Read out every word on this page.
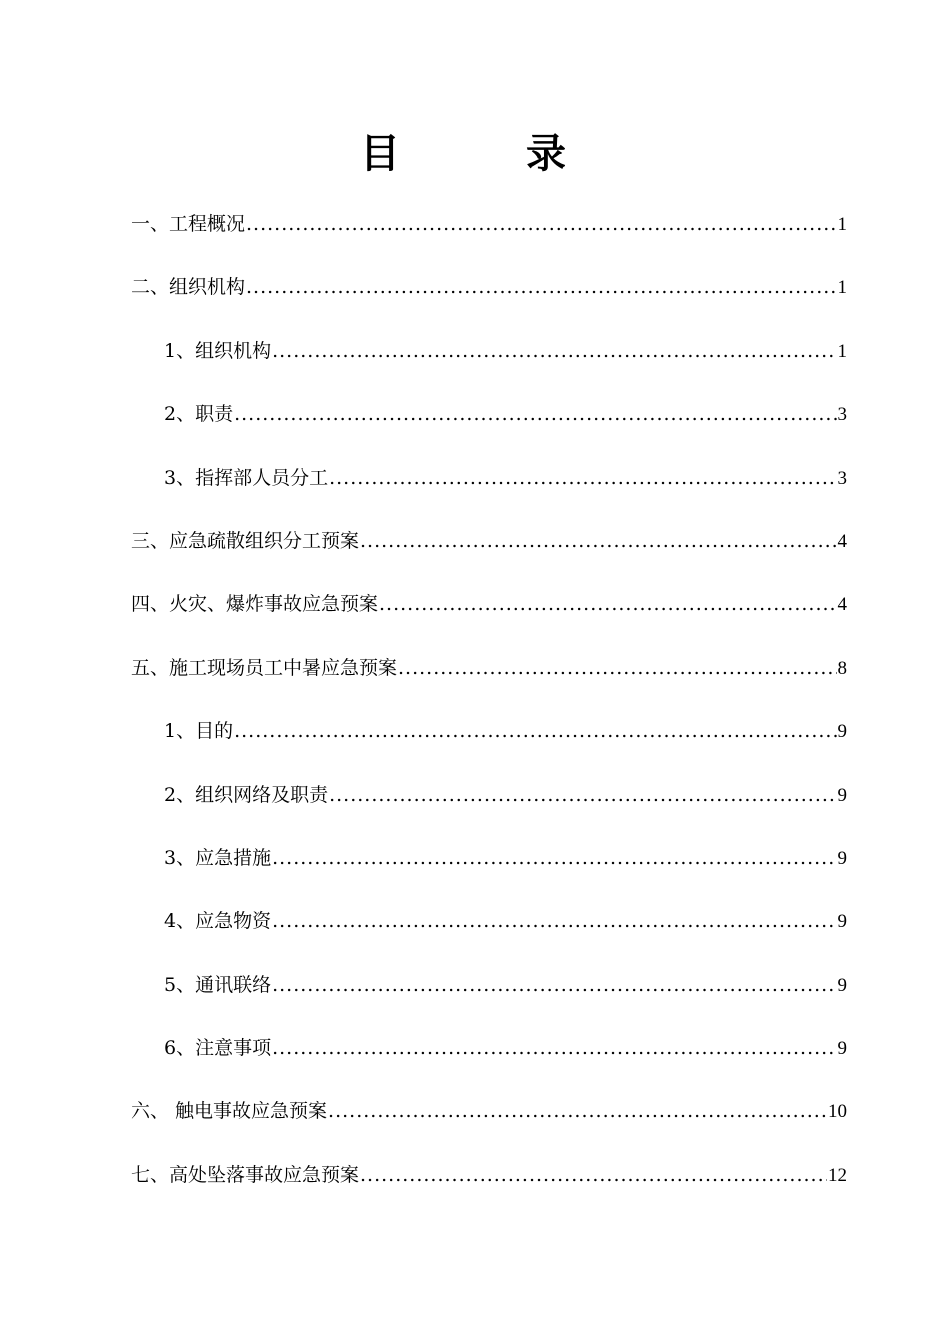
目 录
一、工程概况 .....	1
二、组织机构 .....	1
1、组织机构 .....	1
2、职责 .....	3
3、指挥部人员分工 .....	3
三、应急疏散组织分工预案 .....	4
四、火灾、爆炸事故应急预案 .....	4
五、施工现场员工中暑应急预案 .....	8
1、目的 .....	9
2、组织网络及职责 .....	9
3、应急措施 .....	9
4、应急物资 .....	9
5、通讯联络 .....	9
6、注意事项 .....	9
六、 触电事故应急预案 .....	10
七、高处坠落事故应急预案 .....	12
